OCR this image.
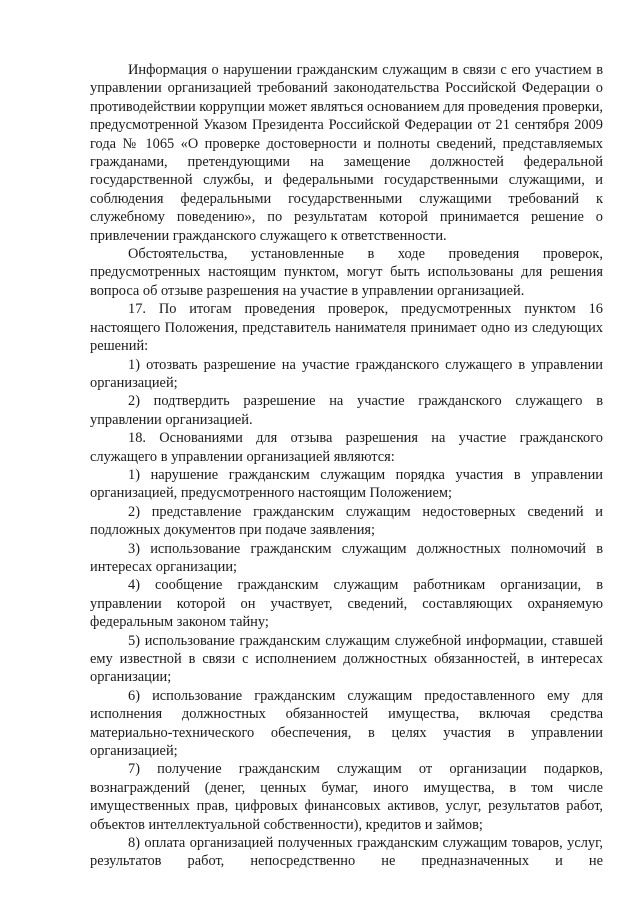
Информация о нарушении гражданским служащим в связи с его участием в управлении организацией требований законодательства Российской Федерации о противодействии коррупции может являться основанием для проведения проверки, предусмотренной Указом Президента Российской Федерации от 21 сентября 2009 года № 1065 «О проверке достоверности и полноты сведений, представляемых гражданами, претендующими на замещение должностей федеральной государственной службы, и федеральными государственными служащими, и соблюдения федеральными государственными служащими требований к служебному поведению», по результатам которой принимается решение о привлечении гражданского служащего к ответственности.

Обстоятельства, установленные в ходе проведения проверок, предусмотренных настоящим пунктом, могут быть использованы для решения вопроса об отзыве разрешения на участие в управлении организацией.

17. По итогам проведения проверок, предусмотренных пунктом 16 настоящего Положения, представитель нанимателя принимает одно из следующих решений:

1) отозвать разрешение на участие гражданского служащего в управлении организацией;

2) подтвердить разрешение на участие гражданского служащего в управлении организацией.

18. Основаниями для отзыва разрешения на участие гражданского служащего в управлении организацией являются:

1) нарушение гражданским служащим порядка участия в управлении организацией, предусмотренного настоящим Положением;

2) представление гражданским служащим недостоверных сведений и подложных документов при подаче заявления;

3) использование гражданским служащим должностных полномочий в интересах организации;

4) сообщение гражданским служащим работникам организации, в управлении которой он участвует, сведений, составляющих охраняемую федеральным законом тайну;

5) использование гражданским служащим служебной информации, ставшей ему известной в связи с исполнением должностных обязанностей, в интересах организации;

6) использование гражданским служащим предоставленного ему для исполнения должностных обязанностей имущества, включая средства материально-технического обеспечения, в целях участия в управлении организацией;

7) получение гражданским служащим от организации подарков, вознаграждений (денег, ценных бумаг, иного имущества, в том числе имущественных прав, цифровых финансовых активов, услуг, результатов работ, объектов интеллектуальной собственности), кредитов и займов;

8) оплата организацией полученных гражданским служащим товаров, услуг, результатов работ, непосредственно не предназначенных и не
